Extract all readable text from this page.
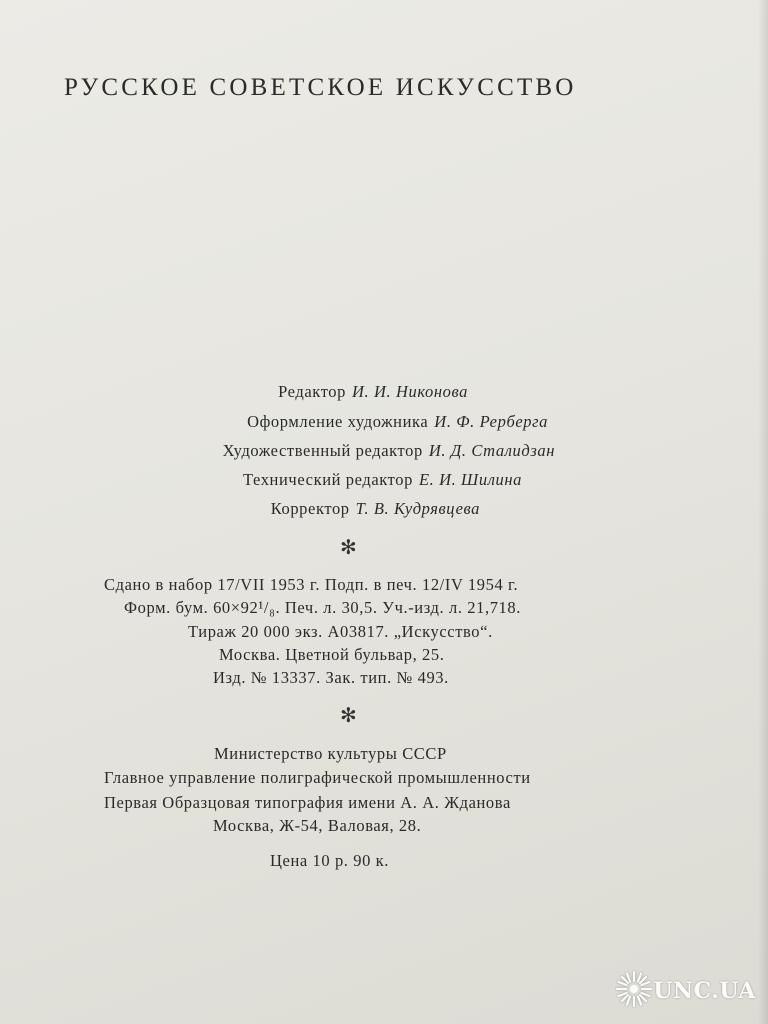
РУССКОЕ СОВЕТСКОЕ ИСКУССТВО
Редактор И. И. Никонова
Оформление художника И. Ф. Рерберга
Художественный редактор И. Д. Сталидзан
Технический редактор Е. И. Шилина
Корректор Т. В. Кудрявцева
✻
Сдано в набор 17/VII 1953 г. Подп. в печ. 12/IV 1954 г.
Форм. бум. 60×92¹/₈. Печ. л. 30,5. Уч.-изд. л. 21,718.
Тираж 20 000 экз. А03817. „Искусство“.
Москва. Цветной бульвар, 25.
Изд. № 13337. Зак. тип. № 493.
✻
Министерство культуры СССР
Главное управление полиграфической промышленности
Первая Образцовая типография имени А. А. Жданова
Москва, Ж-54, Валовая, 28.
Цена 10 р. 90 к.
UNC.UA
